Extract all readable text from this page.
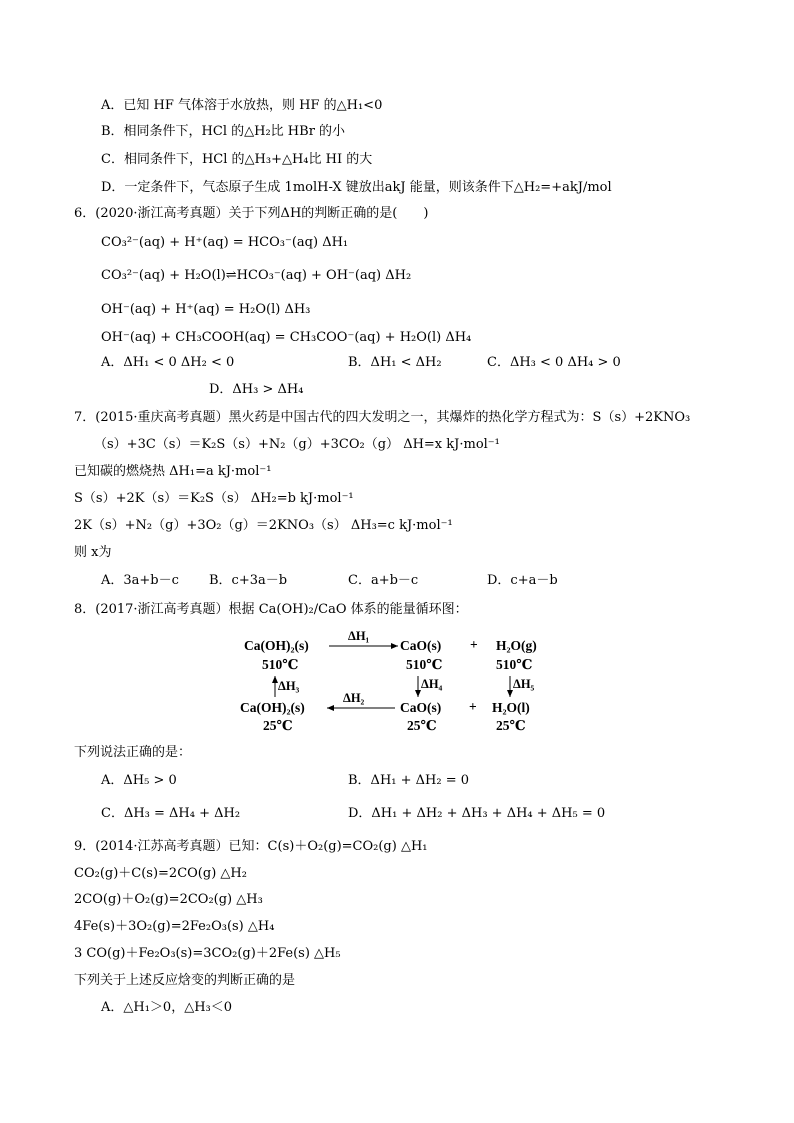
A．已知 HF 气体溶于水放热，则 HF 的△H₁<0
B．相同条件下，HCl 的△H₂比 HBr 的小
C．相同条件下，HCl 的△H₃+△H₄比 HI 的大
D．一定条件下，气态原子生成 1molH-X 键放出akJ 能量，则该条件下△H₂=+akJ/mol
6．(2020·浙江高考真题）关于下列ΔH的判断正确的是(　　)
CO₃²⁻(aq) + H⁺(aq) = HCO₃⁻(aq) ΔH₁
CO₃²⁻(aq) + H₂O(l)⇌HCO₃⁻(aq) + OH⁻(aq) ΔH₂
OH⁻(aq) + H⁺(aq) = H₂O(l) ΔH₃
OH⁻(aq) + CH₃COOH(aq) = CH₃COO⁻(aq) + H₂O(l) ΔH₄
A．ΔH₁ < 0 ΔH₂ < 0	B．ΔH₁ < ΔH₂	C．ΔH₃ < 0 ΔH₄ > 0
D．ΔH₃ > ΔH₄
7．(2015·重庆高考真题）黑火药是中国古代的四大发明之一，其爆炸的热化学方程式为：S（s）+2KNO₃
（s）+3C（s）＝K₂S（s）+N₂（g）+3CO₂（g） ΔH=x kJ·mol⁻¹
已知碳的燃烧热 ΔH₁=a kJ·mol⁻¹
S（s）+2K（s）＝K₂S（s） ΔH₂=b kJ·mol⁻¹
2K（s）+N₂（g）+3O₂（g）＝2KNO₃（s） ΔH₃=c kJ·mol⁻¹
则 x为
A．3a+b－c B．c+3a－b	C．a+b－c	D．c+a－b
8．(2017·浙江高考真题）根据 Ca(OH)₂/CaO 体系的能量循环图：
Ca(OH)₂(s)
510℃
ΔH₁
CaO(s)
510℃
+ H₂O(g)
510℃
ΔH₃	ΔH₄	ΔH₅
ΔH₂
Ca(OH)₂(s)
25℃
CaO(s)
25℃
+ H₂O(l)
25℃
下列说法正确的是：
A．ΔH₅ > 0	B．ΔH₁ + ΔH₂ = 0
C．ΔH₃ = ΔH₄ + ΔH₂	D．ΔH₁ + ΔH₂ + ΔH₃ + ΔH₄ + ΔH₅ = 0
9．(2014·江苏高考真题）已知：C(s)＋O₂(g)=CO₂(g) △H₁
CO₂(g)＋C(s)=2CO(g) △H₂
2CO(g)＋O₂(g)=2CO₂(g) △H₃
4Fe(s)＋3O₂(g)=2Fe₂O₃(s) △H₄
3 CO(g)＋Fe₂O₃(s)=3CO₂(g)＋2Fe(s) △H₅
下列关于上述反应焓变的判断正确的是
A．△H₁＞0，△H₃＜0
